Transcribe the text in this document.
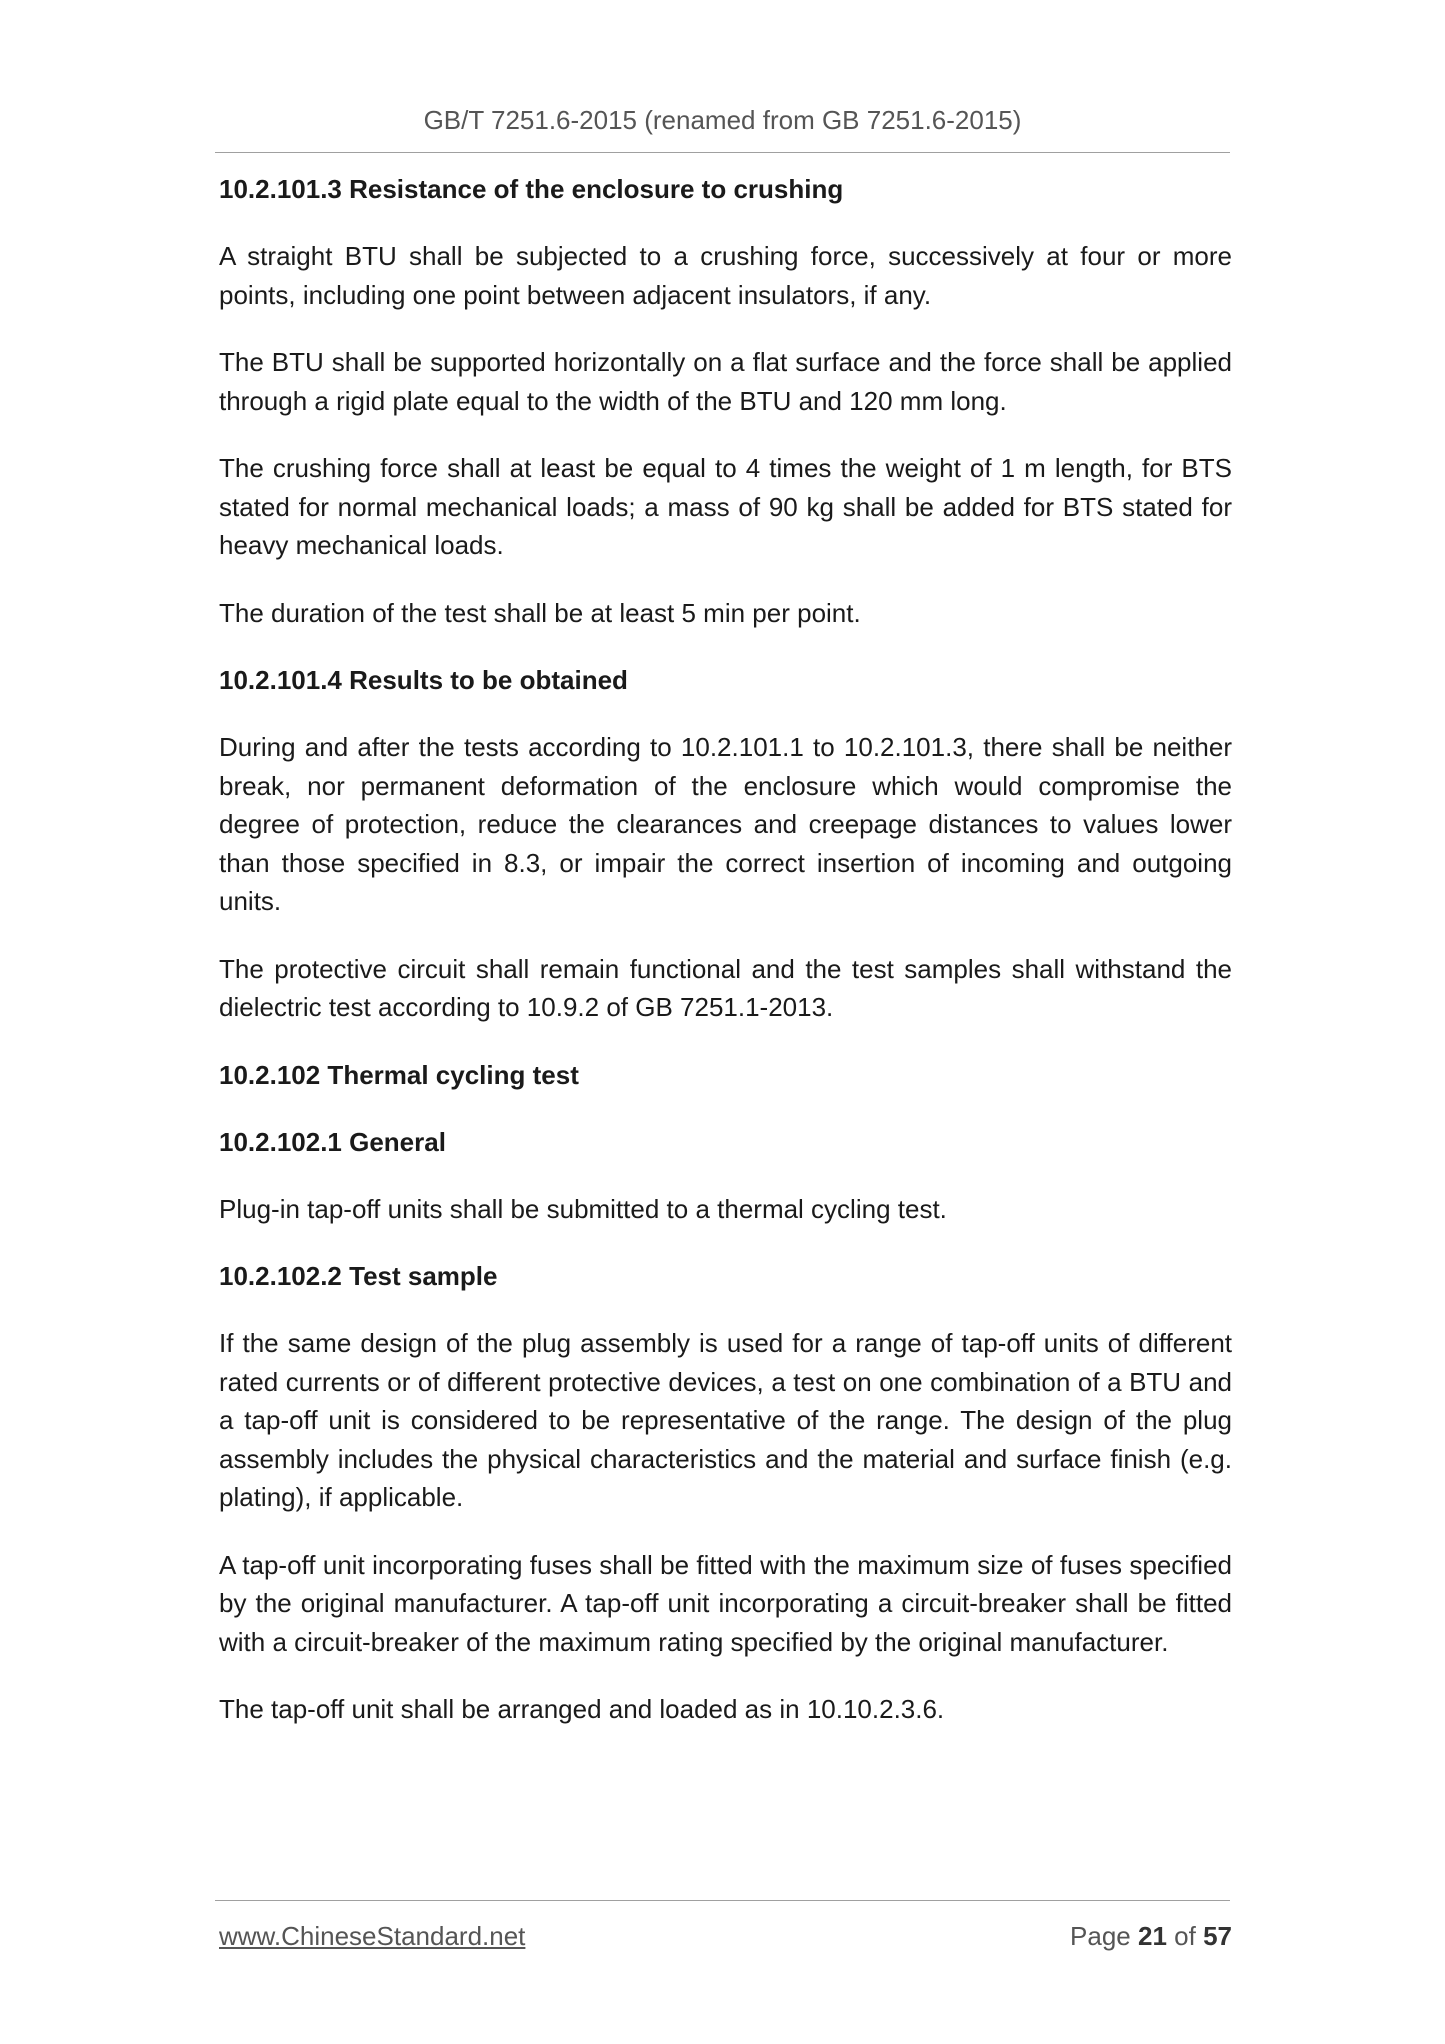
GB/T 7251.6-2015 (renamed from GB 7251.6-2015)
10.2.101.3 Resistance of the enclosure to crushing

A straight BTU shall be subjected to a crushing force, successively at four or more points, including one point between adjacent insulators, if any.

The BTU shall be supported horizontally on a flat surface and the force shall be applied through a rigid plate equal to the width of the BTU and 120 mm long.

The crushing force shall at least be equal to 4 times the weight of 1 m length, for BTS stated for normal mechanical loads; a mass of 90 kg shall be added for BTS stated for heavy mechanical loads.

The duration of the test shall be at least 5 min per point.

10.2.101.4 Results to be obtained

During and after the tests according to 10.2.101.1 to 10.2.101.3, there shall be neither break, nor permanent deformation of the enclosure which would compromise the degree of protection, reduce the clearances and creepage distances to values lower than those specified in 8.3, or impair the correct insertion of incoming and outgoing units.

The protective circuit shall remain functional and the test samples shall withstand the dielectric test according to 10.9.2 of GB 7251.1-2013.

10.2.102 Thermal cycling test
10.2.102.1 General

Plug-in tap-off units shall be submitted to a thermal cycling test.

10.2.102.2 Test sample

If the same design of the plug assembly is used for a range of tap-off units of different rated currents or of different protective devices, a test on one combination of a BTU and a tap-off unit is considered to be representative of the range. The design of the plug assembly includes the physical characteristics and the material and surface finish (e.g. plating), if applicable.

A tap-off unit incorporating fuses shall be fitted with the maximum size of fuses specified by the original manufacturer. A tap-off unit incorporating a circuit-breaker shall be fitted with a circuit-breaker of the maximum rating specified by the original manufacturer.

The tap-off unit shall be arranged and loaded as in 10.10.2.3.6.

www.ChineseStandard.net	Page 21 of 57
